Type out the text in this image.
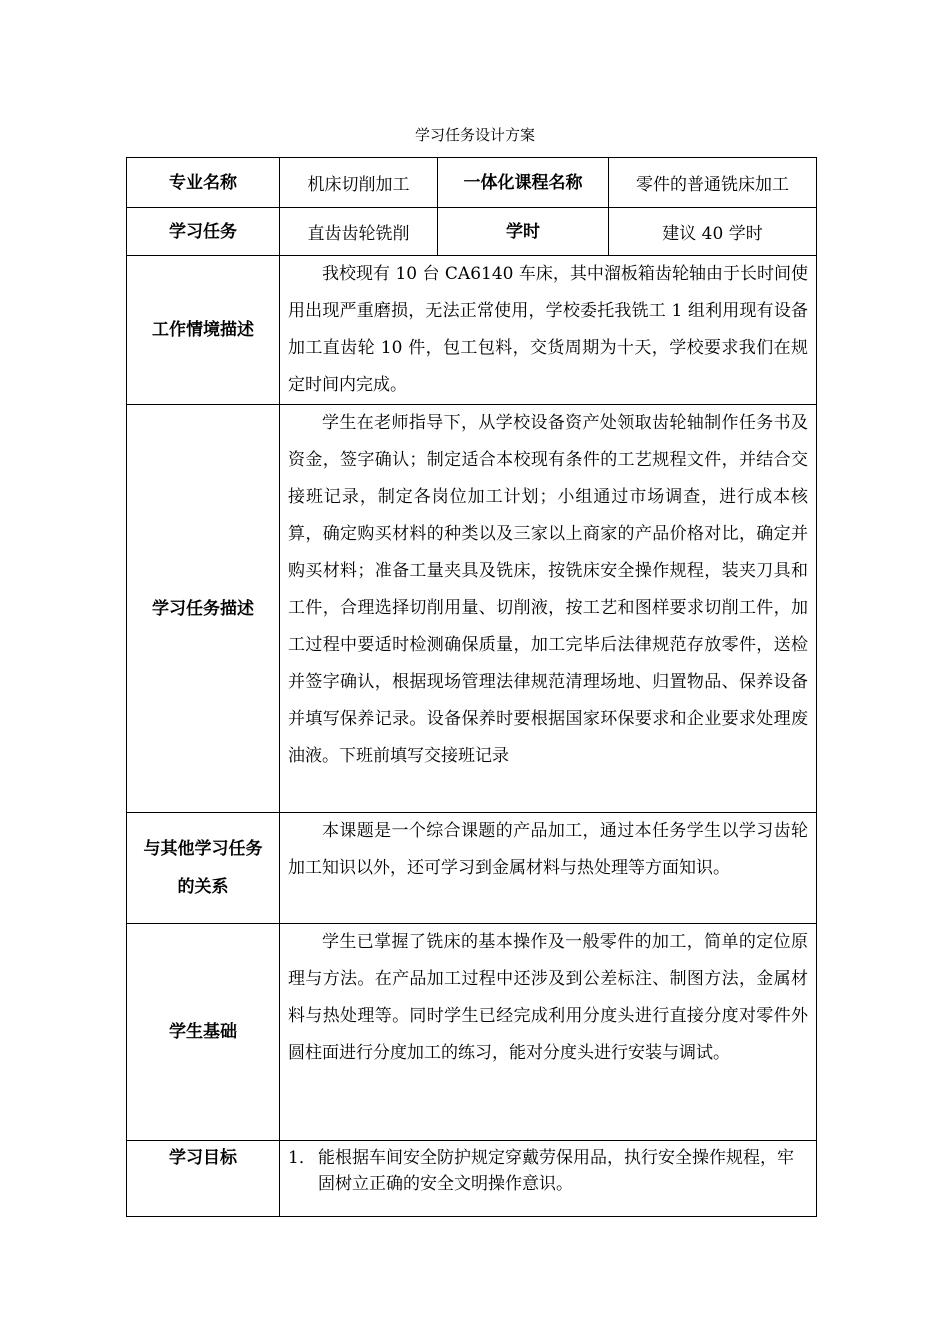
学习任务设计方案
专业名称	机床切削加工	一体化课程名称	零件的普通铣床加工
学习任务	直齿齿轮铣削	学时	建议 40 学时
工作情境描述	我校现有 10 台 CA6140 车床，其中溜板箱齿轮轴由于长时间使用出现严重磨损，无法正常使用，学校委托我铣工 1 组利用现有设备加工直齿轮 10 件，包工包料，交货周期为十天，学校要求我们在规定时间内完成。		

学习任务描述	学生在老师指导下，从学校设备资产处领取齿轮轴制作任务书及资金，签字确认；制定适合本校现有条件的工艺规程文件，并结合交接班记录，制定各岗位加工计划；小组通过市场调查，进行成本核算，确定购买材料的种类以及三家以上商家的产品价格对比，确定并购买材料；准备工量夹具及铣床，按铣床安全操作规程，装夹刀具和工件，合理选择切削用量、切削液，按工艺和图样要求切削工件，加工过程中要适时检测确保质量，加工完毕后法律规范存放零件，送检并签字确认，根据现场管理法律规范清理场地、归置物品、保养设备并填写保养记录。设备保养时要根据国家环保要求和企业要求处理废油液。下班前填写交接班记录		

与其他学习任务
的关系	本课题是一个综合课题的产品加工，通过本任务学生以学习齿轮加工知识以外，还可学习到金属材料与热处理等方面知识。		

学生基础	学生已掌握了铣床的基本操作及一般零件的加工，简单的定位原理与方法。在产品加工过程中还涉及到公差标注、制图方法，金属材料与热处理等。同时学生已经完成利用分度头进行直接分度对零件外圆柱面进行分度加工的练习，能对分度头进行安装与调试。		

学习目标	1． 能根据车间安全防护规定穿戴劳保用品，执行安全操作规程，牢固树立正确的安全文明操作意识。		
